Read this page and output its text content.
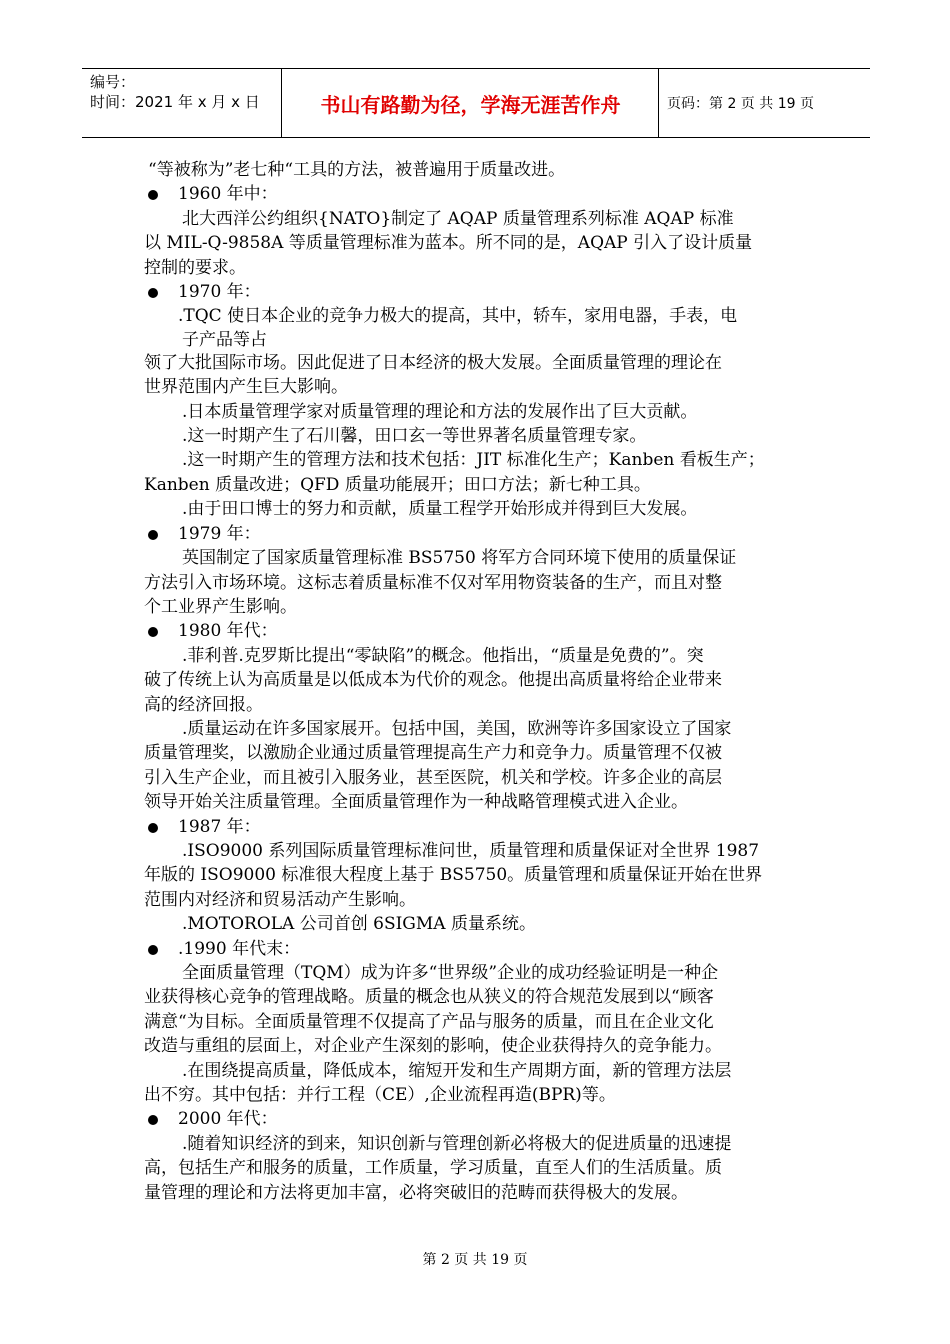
编号：
时间：2021 年 x 月 x 日	书山有路勤为径，学海无涯苦作舟	页码：第 2 页 共 19 页
“等被称为”老七种“工具的方法，被普遍用于质量改进。
1960 年中：
北大西洋公约组织{NATO}制定了 AQAP 质量管理系列标准 AQAP 标准
以 MIL-Q-9858A 等质量管理标准为蓝本。所不同的是，AQAP 引入了设计质量
控制的要求。
1970 年：
.TQC 使日本企业的竞争力极大的提高，其中，轿车，家用电器，手表，电
子产品等占
领了大批国际市场。因此促进了日本经济的极大发展。全面质量管理的理论在
世界范围内产生巨大影响。
.日本质量管理学家对质量管理的理论和方法的发展作出了巨大贡献。
.这一时期产生了石川馨，田口玄一等世界著名质量管理专家。
.这一时期产生的管理方法和技术包括：JIT 标准化生产；Kanben 看板生产；
Kanben 质量改进；QFD 质量功能展开；田口方法；新七种工具。
.由于田口博士的努力和贡献，质量工程学开始形成并得到巨大发展。
1979 年：
英国制定了国家质量管理标准 BS5750 将军方合同环境下使用的质量保证
方法引入市场环境。这标志着质量标准不仅对军用物资装备的生产，而且对整
个工业界产生影响。
1980 年代：
.菲利普.克罗斯比提出“零缺陷”的概念。他指出，“质量是免费的”。突
破了传统上认为高质量是以低成本为代价的观念。他提出高质量将给企业带来
高的经济回报。
.质量运动在许多国家展开。包括中国，美国，欧洲等许多国家设立了国家
质量管理奖，以激励企业通过质量管理提高生产力和竞争力。质量管理不仅被
引入生产企业，而且被引入服务业，甚至医院，机关和学校。许多企业的高层
领导开始关注质量管理。全面质量管理作为一种战略管理模式进入企业。
1987 年：
.ISO9000 系列国际质量管理标准问世，质量管理和质量保证对全世界 1987
年版的 ISO9000 标准很大程度上基于 BS5750。质量管理和质量保证开始在世界
范围内对经济和贸易活动产生影响。
.MOTOROLA 公司首创 6SIGMA 质量系统。
.1990 年代末：
全面质量管理（TQM）成为许多“世界级”企业的成功经验证明是一种企
业获得核心竞争的管理战略。质量的概念也从狭义的符合规范发展到以“顾客
满意“为目标。全面质量管理不仅提高了产品与服务的质量，而且在企业文化
改造与重组的层面上，对企业产生深刻的影响，使企业获得持久的竞争能力。
.在围绕提高质量，降低成本，缩短开发和生产周期方面，新的管理方法层
出不穷。其中包括：并行工程（CE）,企业流程再造(BPR)等。
2000 年代：
.随着知识经济的到来，知识创新与管理创新必将极大的促进质量的迅速提
高，包括生产和服务的质量，工作质量，学习质量，直至人们的生活质量。质
量管理的理论和方法将更加丰富，必将突破旧的范畴而获得极大的发展。
第 2 页 共 19 页
